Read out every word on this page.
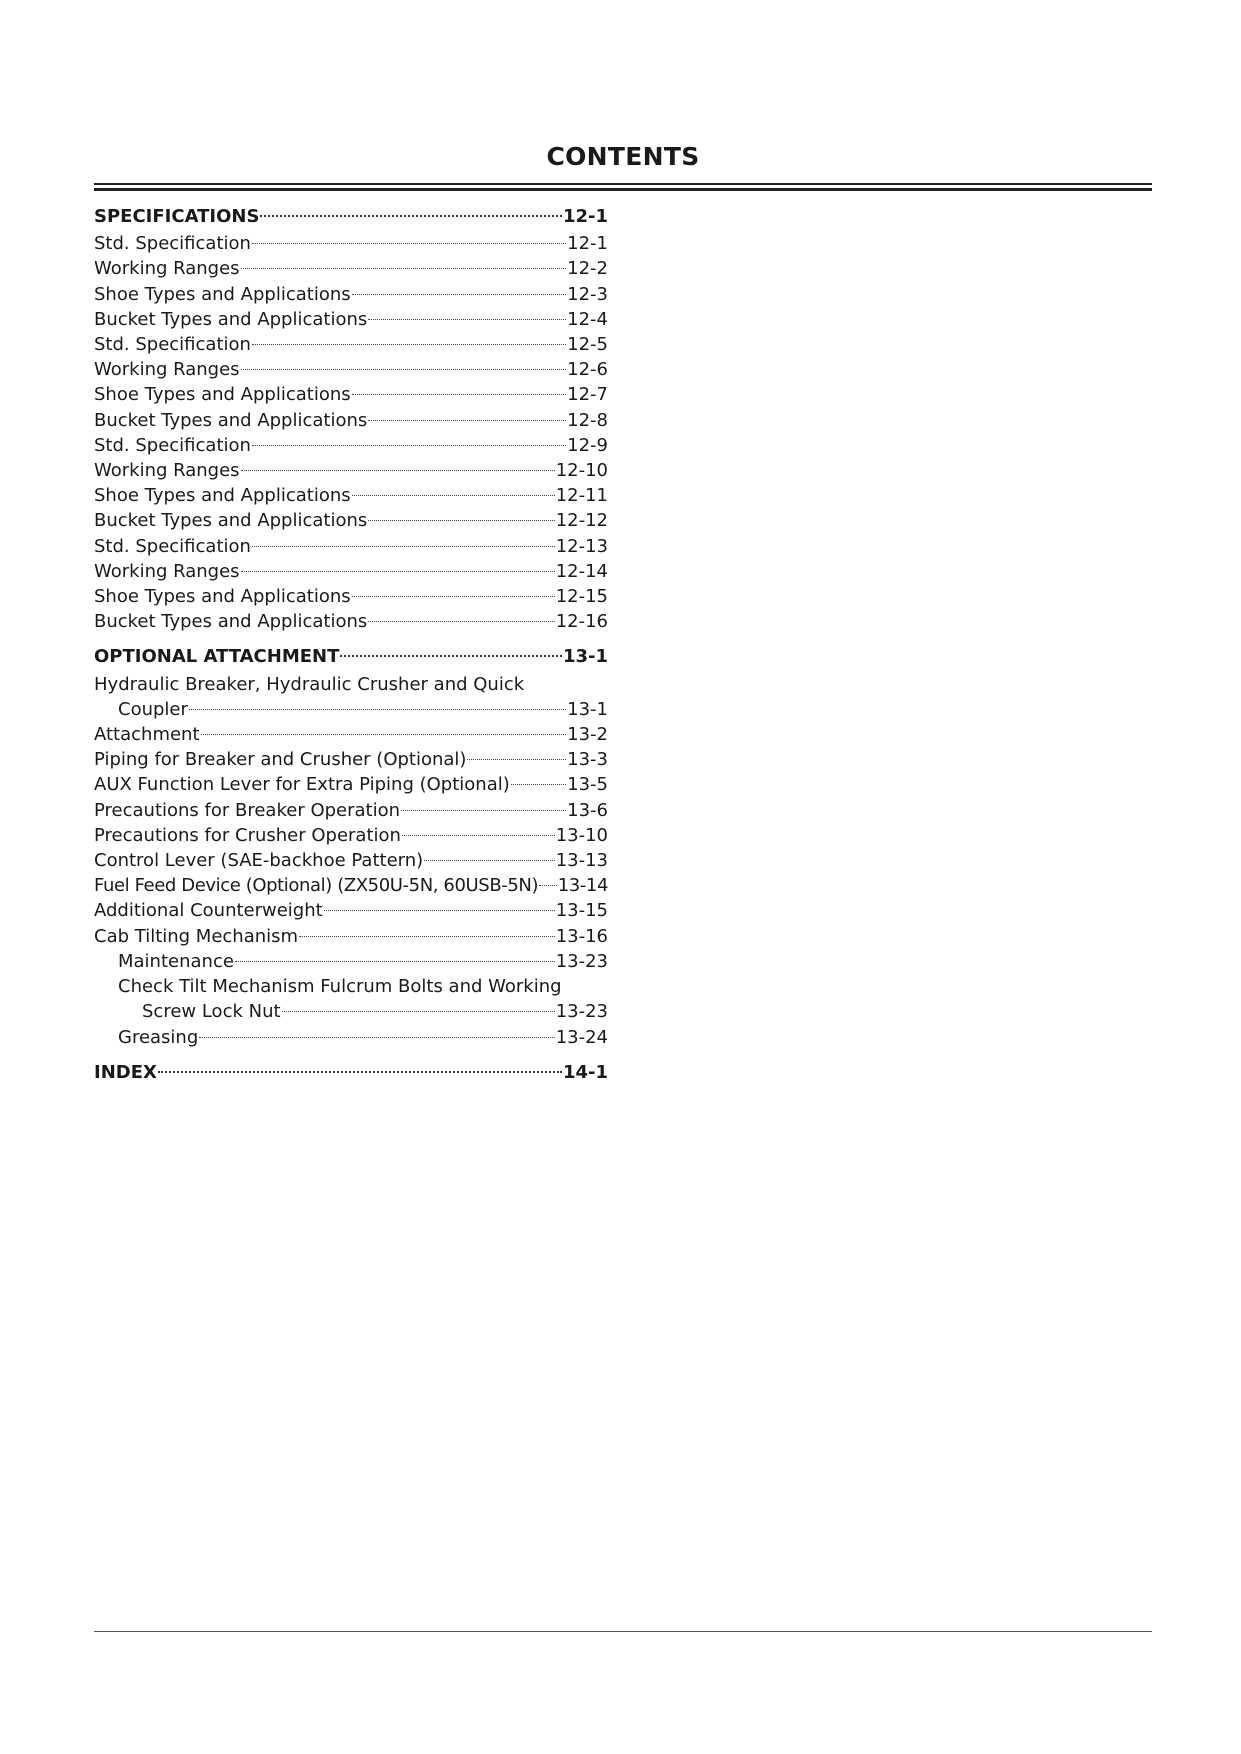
CONTENTS
SPECIFICATIONS	12-1
Std. Specification	12-1
Working Ranges	12-2
Shoe Types and Applications	12-3
Bucket Types and Applications	12-4
Std. Specification	12-5
Working Ranges	12-6
Shoe Types and Applications	12-7
Bucket Types and Applications	12-8
Std. Specification	12-9
Working Ranges	12-10
Shoe Types and Applications	12-11
Bucket Types and Applications	12-12
Std. Specification	12-13
Working Ranges	12-14
Shoe Types and Applications	12-15
Bucket Types and Applications	12-16
OPTIONAL ATTACHMENT	13-1
Hydraulic Breaker, Hydraulic Crusher and Quick
Coupler	13-1
Attachment	13-2
Piping for Breaker and Crusher (Optional)	13-3
AUX Function Lever for Extra Piping (Optional)	13-5
Precautions for Breaker Operation	13-6
Precautions for Crusher Operation	13-10
Control Lever (SAE-backhoe Pattern)	13-13
Fuel Feed Device (Optional) (ZX50U-5N, 60USB-5N) 13-14
Additional Counterweight	13-15
Cab Tilting Mechanism	13-16
Maintenance	13-23
Check Tilt Mechanism Fulcrum Bolts and Working
Screw Lock Nut	13-23
Greasing	13-24
INDEX	14-1
